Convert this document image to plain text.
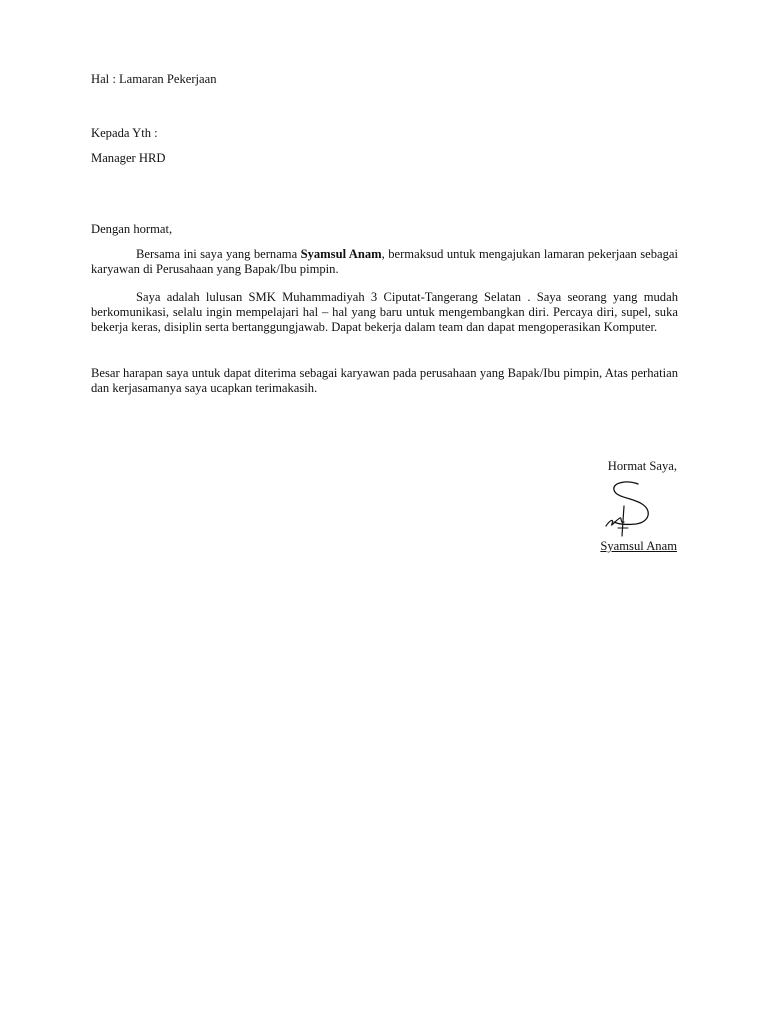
Hal : Lamaran Pekerjaan
Kepada Yth :
Manager HRD
Dengan hormat,

Bersama ini saya yang bernama Syamsul Anam, bermaksud untuk mengajukan lamaran pekerjaan sebagai karyawan di Perusahaan yang Bapak/Ibu pimpin.

Saya adalah lulusan SMK Muhammadiyah 3 Ciputat-Tangerang Selatan . Saya seorang yang mudah berkomunikasi, selalu ingin mempelajari hal – hal yang baru untuk mengembangkan diri. Percaya diri, supel, suka bekerja keras, disiplin serta bertanggungjawab. Dapat bekerja dalam team dan dapat mengoperasikan Komputer.

Besar harapan saya untuk dapat diterima sebagai karyawan pada perusahaan yang Bapak/Ibu pimpin, Atas perhatian dan kerjasamanya saya ucapkan terimakasih.

Hormat Saya,
Syamsul Anam
